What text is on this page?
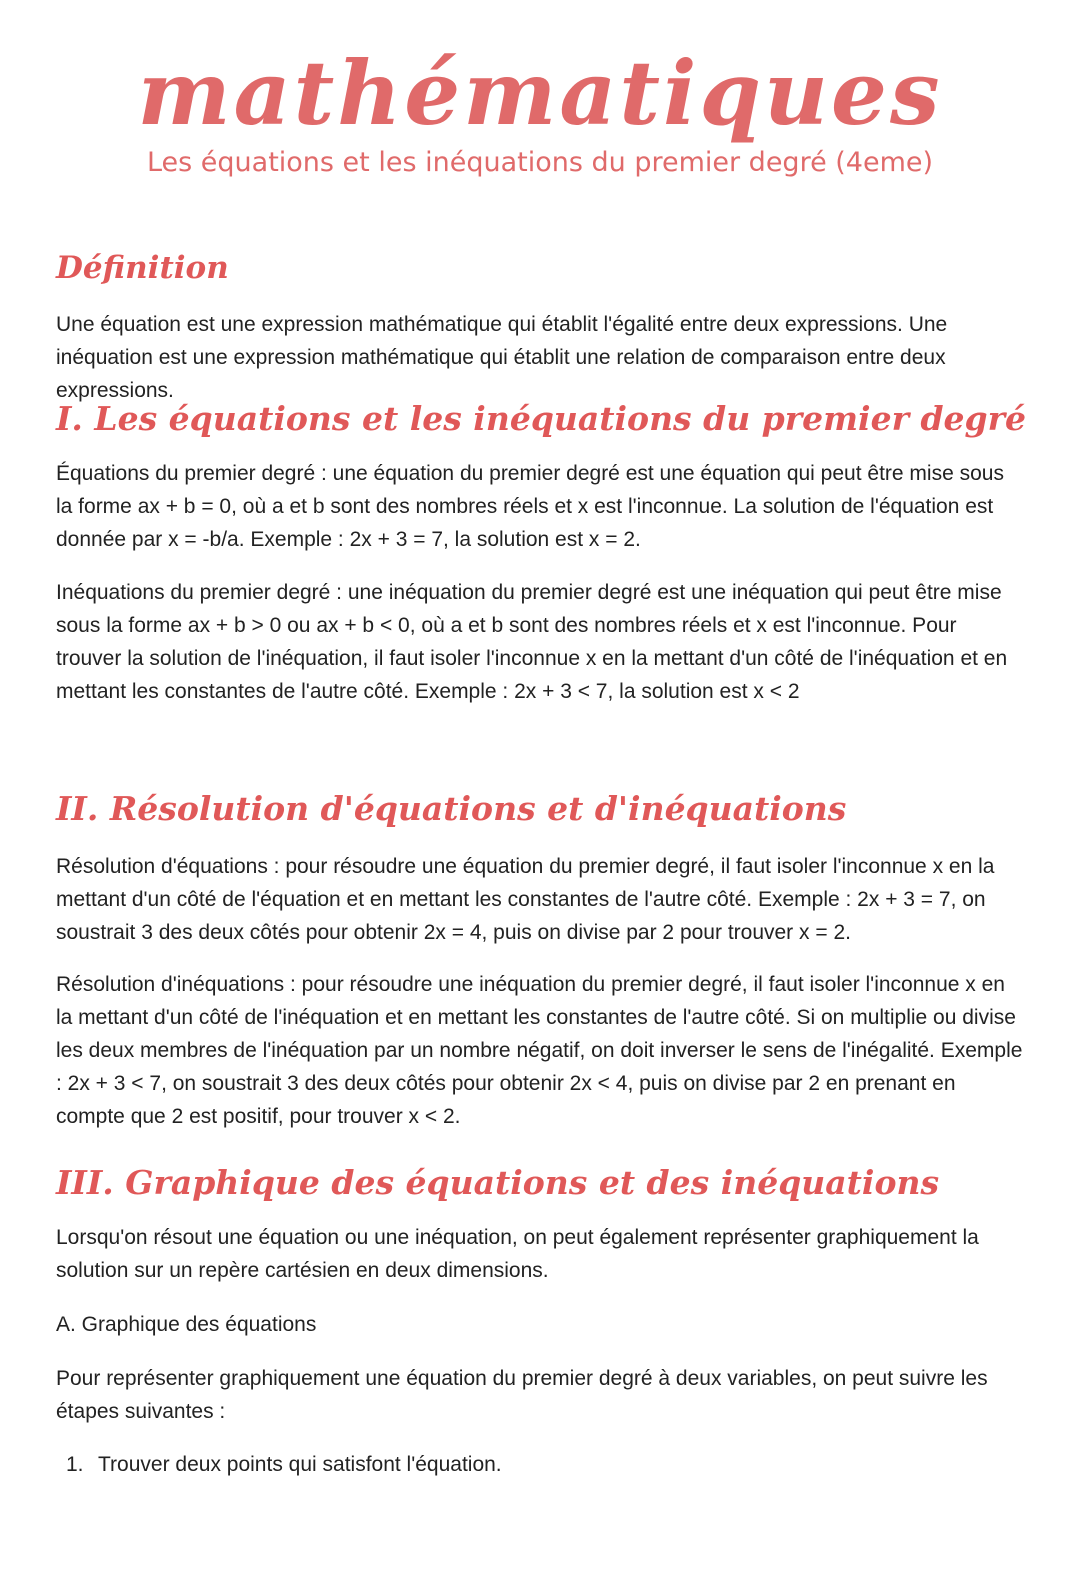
mathématiques

Les équations et les inéquations du premier degré (4eme)

Définition

Une équation est une expression mathématique qui établit l'égalité entre deux expressions. Une inéquation est une expression mathématique qui établit une relation de comparaison entre deux expressions.

I. Les équations et les inéquations du premier degré

Équations du premier degré : une équation du premier degré est une équation qui peut être mise sous la forme ax + b = 0, où a et b sont des nombres réels et x est l'inconnue. La solution de l'équation est donnée par x = -b/a. Exemple : 2x + 3 = 7, la solution est x = 2.

Inéquations du premier degré : une inéquation du premier degré est une inéquation qui peut être mise sous la forme ax + b > 0 ou ax + b < 0, où a et b sont des nombres réels et x est l'inconnue. Pour trouver la solution de l'inéquation, il faut isoler l'inconnue x en la mettant d'un côté de l'inéquation et en mettant les constantes de l'autre côté. Exemple : 2x + 3 < 7, la solution est x < 2

II. Résolution d'équations et d'inéquations

Résolution d'équations : pour résoudre une équation du premier degré, il faut isoler l'inconnue x en la mettant d'un côté de l'équation et en mettant les constantes de l'autre côté. Exemple : 2x + 3 = 7, on soustrait 3 des deux côtés pour obtenir 2x = 4, puis on divise par 2 pour trouver x = 2.

Résolution d'inéquations : pour résoudre une inéquation du premier degré, il faut isoler l'inconnue x en la mettant d'un côté de l'inéquation et en mettant les constantes de l'autre côté. Si on multiplie ou divise les deux membres de l'inéquation par un nombre négatif, on doit inverser le sens de l'inégalité. Exemple : 2x + 3 < 7, on soustrait 3 des deux côtés pour obtenir 2x < 4, puis on divise par 2 en prenant en compte que 2 est positif, pour trouver x < 2.

III. Graphique des équations et des inéquations

Lorsqu'on résout une équation ou une inéquation, on peut également représenter graphiquement la solution sur un repère cartésien en deux dimensions.

A. Graphique des équations

Pour représenter graphiquement une équation du premier degré à deux variables, on peut suivre les étapes suivantes :

1. Trouver deux points qui satisfont l'équation.
